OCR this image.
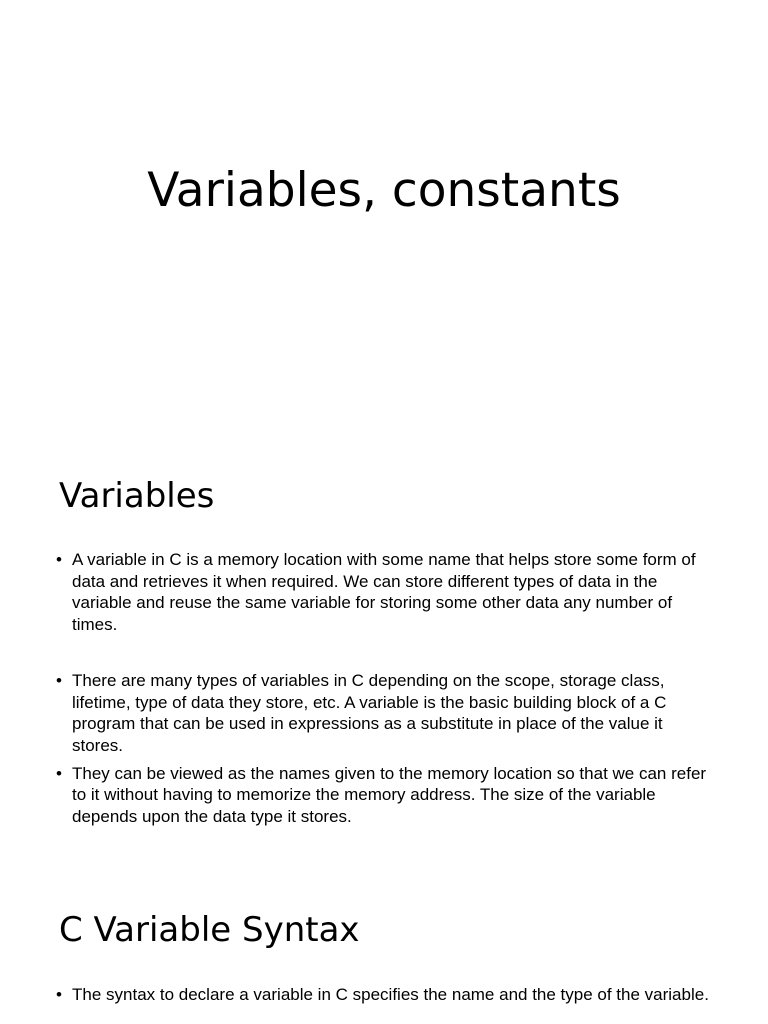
Variables, constants
Variables
• A variable in C is a memory location with some name that helps store some form of data and retrieves it when required. We can store different types of data in the variable and reuse the same variable for storing some other data any number of times.
• There are many types of variables in C depending on the scope, storage class, lifetime, type of data they store, etc. A variable is the basic building block of a C program that can be used in expressions as a substitute in place of the value it stores.
• They can be viewed as the names given to the memory location so that we can refer to it without having to memorize the memory address. The size of the variable depends upon the data type it stores.
C Variable Syntax
• The syntax to declare a variable in C specifies the name and the type of the variable.
